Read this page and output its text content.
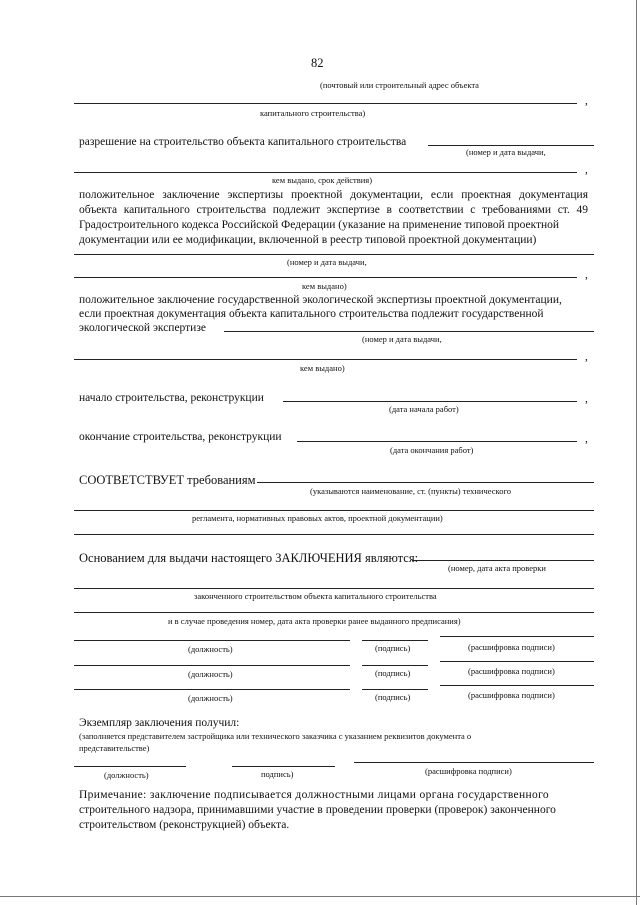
82
(почтовый или строительный адрес объекта
,
капитального строительства)
разрешение на строительство объекта капитального строительства
(номер и дата выдачи,
,
кем выдано, срок действия)
положительное заключение экспертизы проектной документации, если проектная документация объекта капитального строительства подлежит экспертизе в соответствии с требованиями ст. 49 Градостроительного кодекса Российской Федерации (указание на применение типовой проектной
документации или ее модификации, включенной в реестр типовой проектной документации)
(номер и дата выдачи,
,
кем выдано)
положительное заключение государственной экологической экспертизы проектной документации,
если проектная документация объекта капитального строительства подлежит государственной
экологической экспертизе
(номер и дата выдачи,
,
кем выдано)
начало строительства, реконструкции	,
(дата начала работ)
окончание строительства, реконструкции	,
(дата окончания работ)
СООТВЕТСТВУЕТ требованиям
(указываются наименование, ст. (пункты) технического
регламента, нормативных правовых актов, проектной документации)
Основанием для выдачи настоящего ЗАКЛЮЧЕНИЯ являются:
(номер, дата акта проверки
законченного строительством объекта капитального строительства
и в случае проведения номер, дата акта проверки ранее выданного предписания)
(должность)	(подпись)	(расшифровка подписи)
(должность)	(подпись)	(расшифровка подписи)
(должность)	(подпись)	(расшифровка подписи)
Экземпляр заключения получил:
(заполняется представителем застройщика или технического заказчика с указанием реквизитов документа о
представительстве)
(должность)	подпись)	(расшифровка подписи)
Примечание: заключение подписывается должностными лицами органа государственного
строительного надзора, принимавшими участие в проведении проверки (проверок) законченного
строительством (реконструкцией) объекта.
